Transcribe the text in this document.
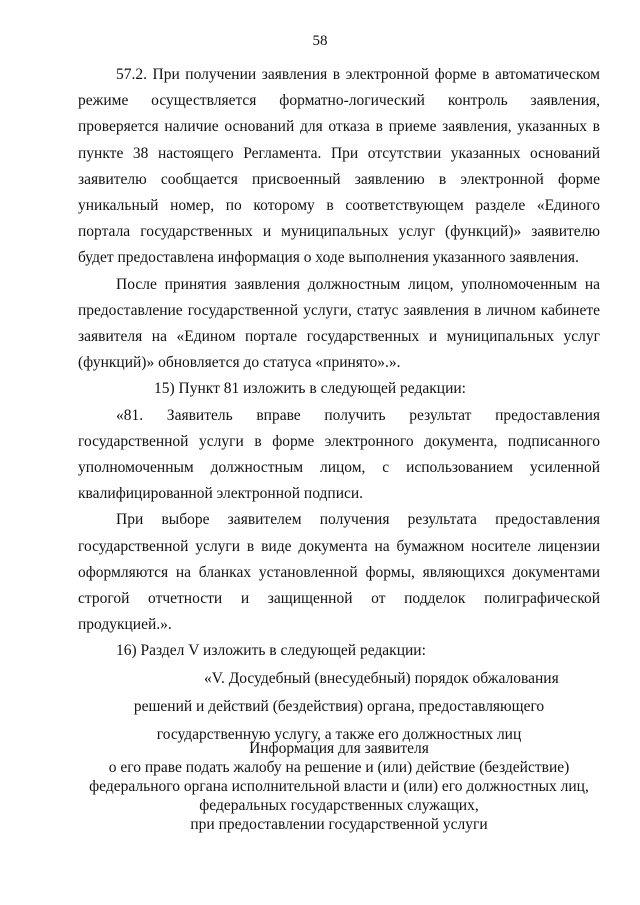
58

57.2. При получении заявления в электронной форме в автоматическом режиме осуществляется форматно-логический контроль заявления, проверяется наличие оснований для отказа в приеме заявления, указанных в пункте 38 настоящего Регламента. При отсутствии указанных оснований заявителю сообщается присвоенный заявлению в электронной форме уникальный номер, по которому в соответствующем разделе «Единого портала государственных и муниципальных услуг (функций)» заявителю будет предоставлена информация о ходе выполнения указанного заявления.

После принятия заявления должностным лицом, уполномоченным на предоставление государственной услуги, статус заявления в личном кабинете заявителя на «Едином портале государственных и муниципальных услуг (функций)» обновляется до статуса «принято».».

15) Пункт 81 изложить в следующей редакции:

«81. Заявитель вправе получить результат предоставления государственной услуги в форме электронного документа, подписанного уполномоченным должностным лицом, с использованием усиленной квалифицированной электронной подписи.

При выборе заявителем получения результата предоставления государственной услуги в виде документа на бумажном носителе лицензии оформляются на бланках установленной формы, являющихся документами строгой отчетности и защищенной от подделок полиграфической продукцией.».

16) Раздел V изложить в следующей редакции:

«V. Досудебный (внесудебный) порядок обжалования

решений и действий (бездействия) органа, предоставляющего

государственную услугу, а также его должностных лиц

Информация для заявителя
о его праве подать жалобу на решение и (или) действие (бездействие)
федерального органа исполнительной власти и (или) его должностных лиц,
федеральных государственных служащих,
при предоставлении государственной услуги
